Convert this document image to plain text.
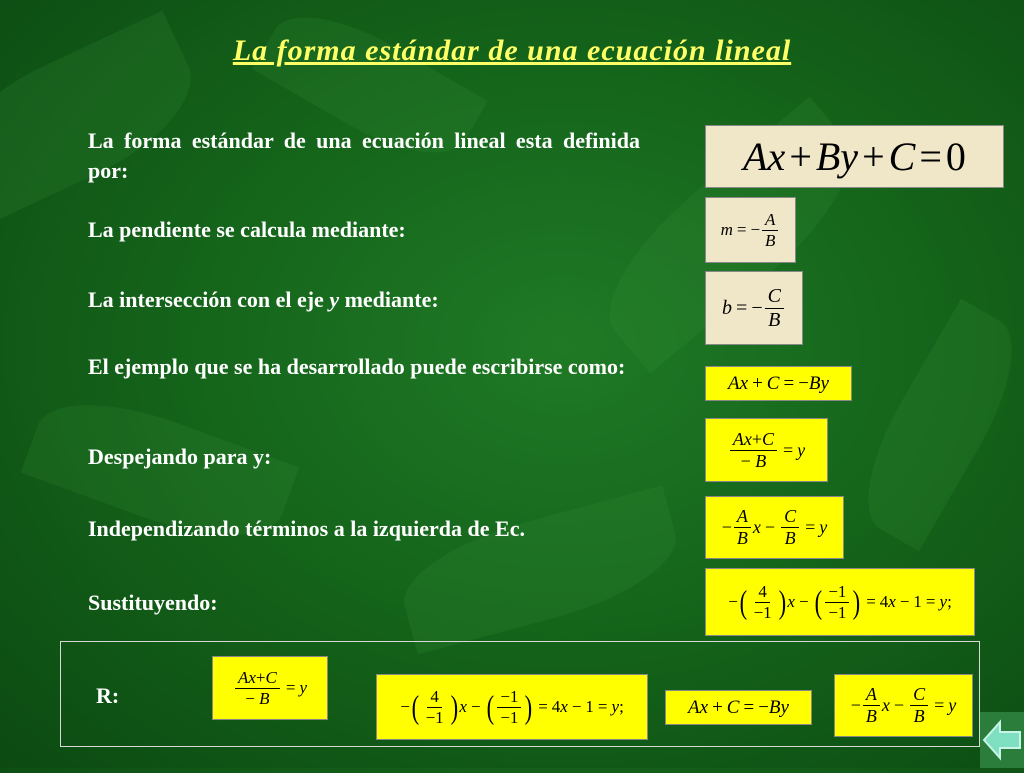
La forma estándar de una ecuación lineal
La forma estándar de una ecuación lineal esta definida por:
La pendiente se calcula mediante:
La intersección con el eje y mediante:
El ejemplo que se ha desarrollado puede escribirse como:
Despejando para y:
Independizando términos a la izquierda de Ec.
Sustituyendo:
Ax + By + C = 0
m = − $\frac{A}{B}$
b = − $\frac{C}{B}$
Ax + C = − By
$\frac{Ax+C}{- B} = y$
− $\frac{A}{B}$ $x - \frac{C}{B} = y$
− ( $\frac{4}{-1}$ ) x − ( $\frac{-1}{-1}$ ) = 4 x − 1 = y ;
R:	$\frac{Ax+C}{- B} = y$
− ( $\frac{4}{-1}$ ) x − ( $\frac{-1}{-1}$ ) = 4 x − 1 = y ;	Ax + C = − By	− $\frac{A}{B}$ $x - \frac{C}{B} = y$
